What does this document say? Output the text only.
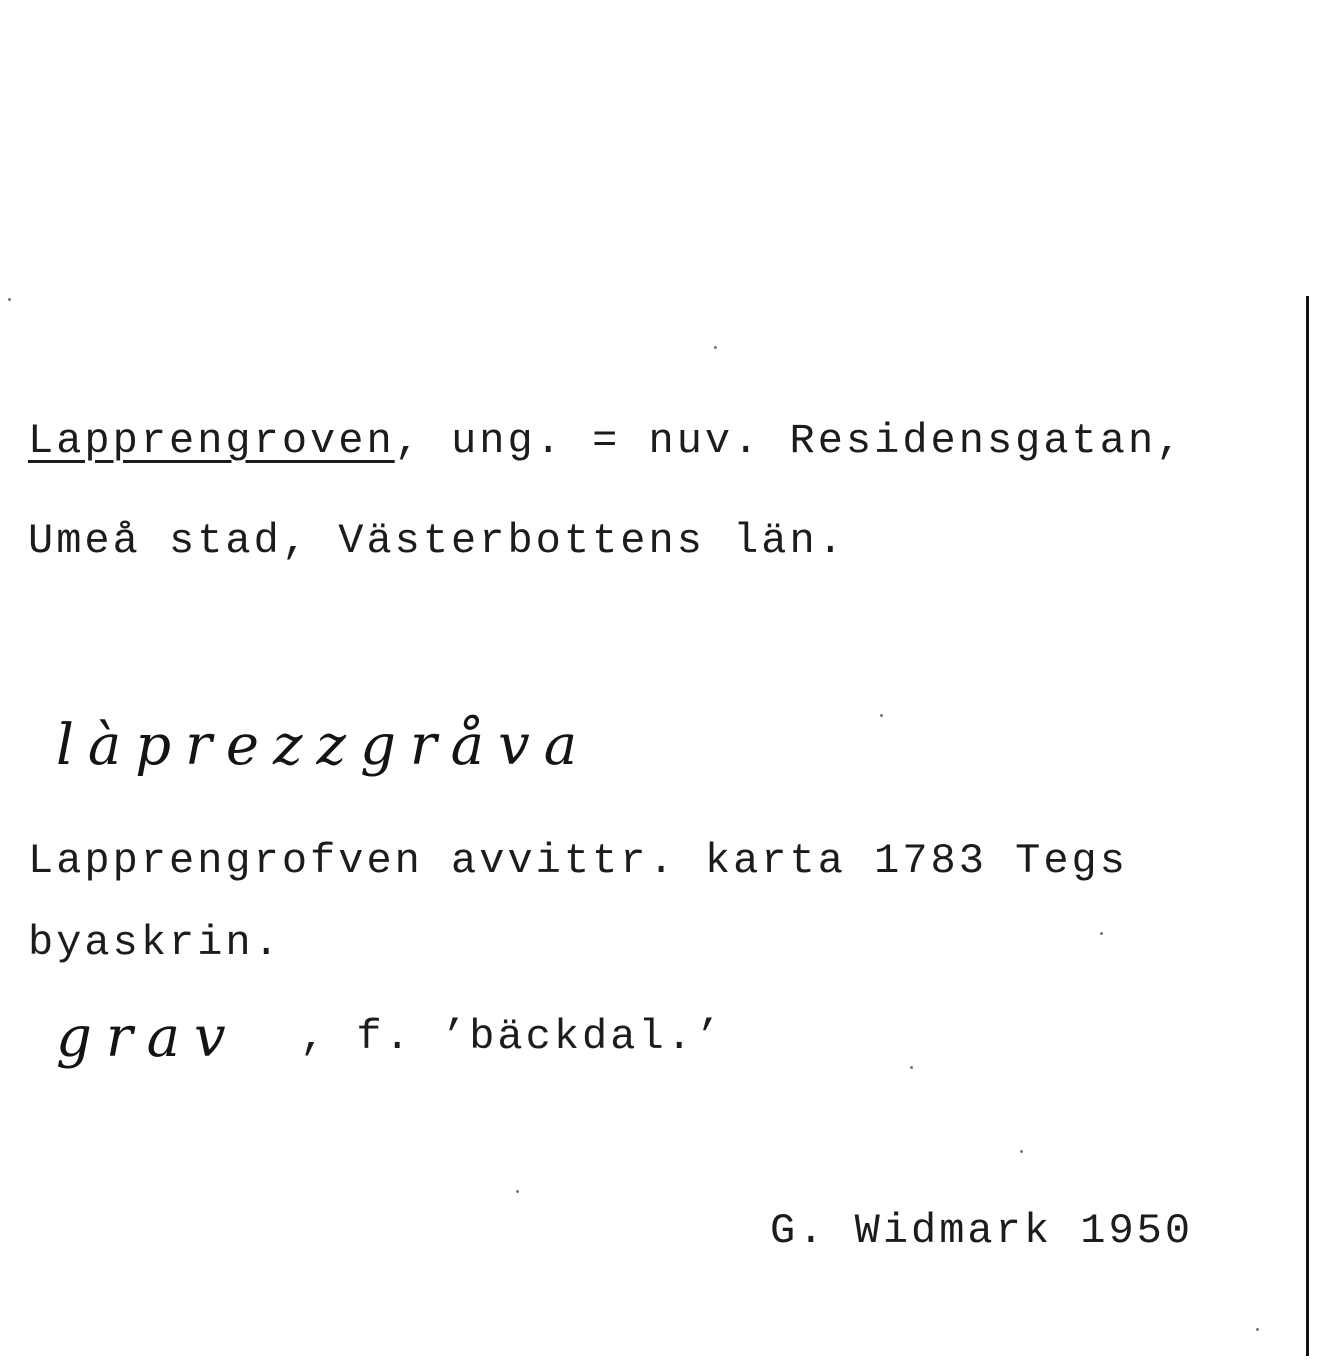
Lapprengroven, ung. = nuv. Residensgatan,
Umeå stad, Västerbottens län.
làprezzgråva
Lapprengrofven avvittr. karta 1783 Tegs
byaskrin.
grav , f. ’bäckdal.’
G. Widmark 1950
